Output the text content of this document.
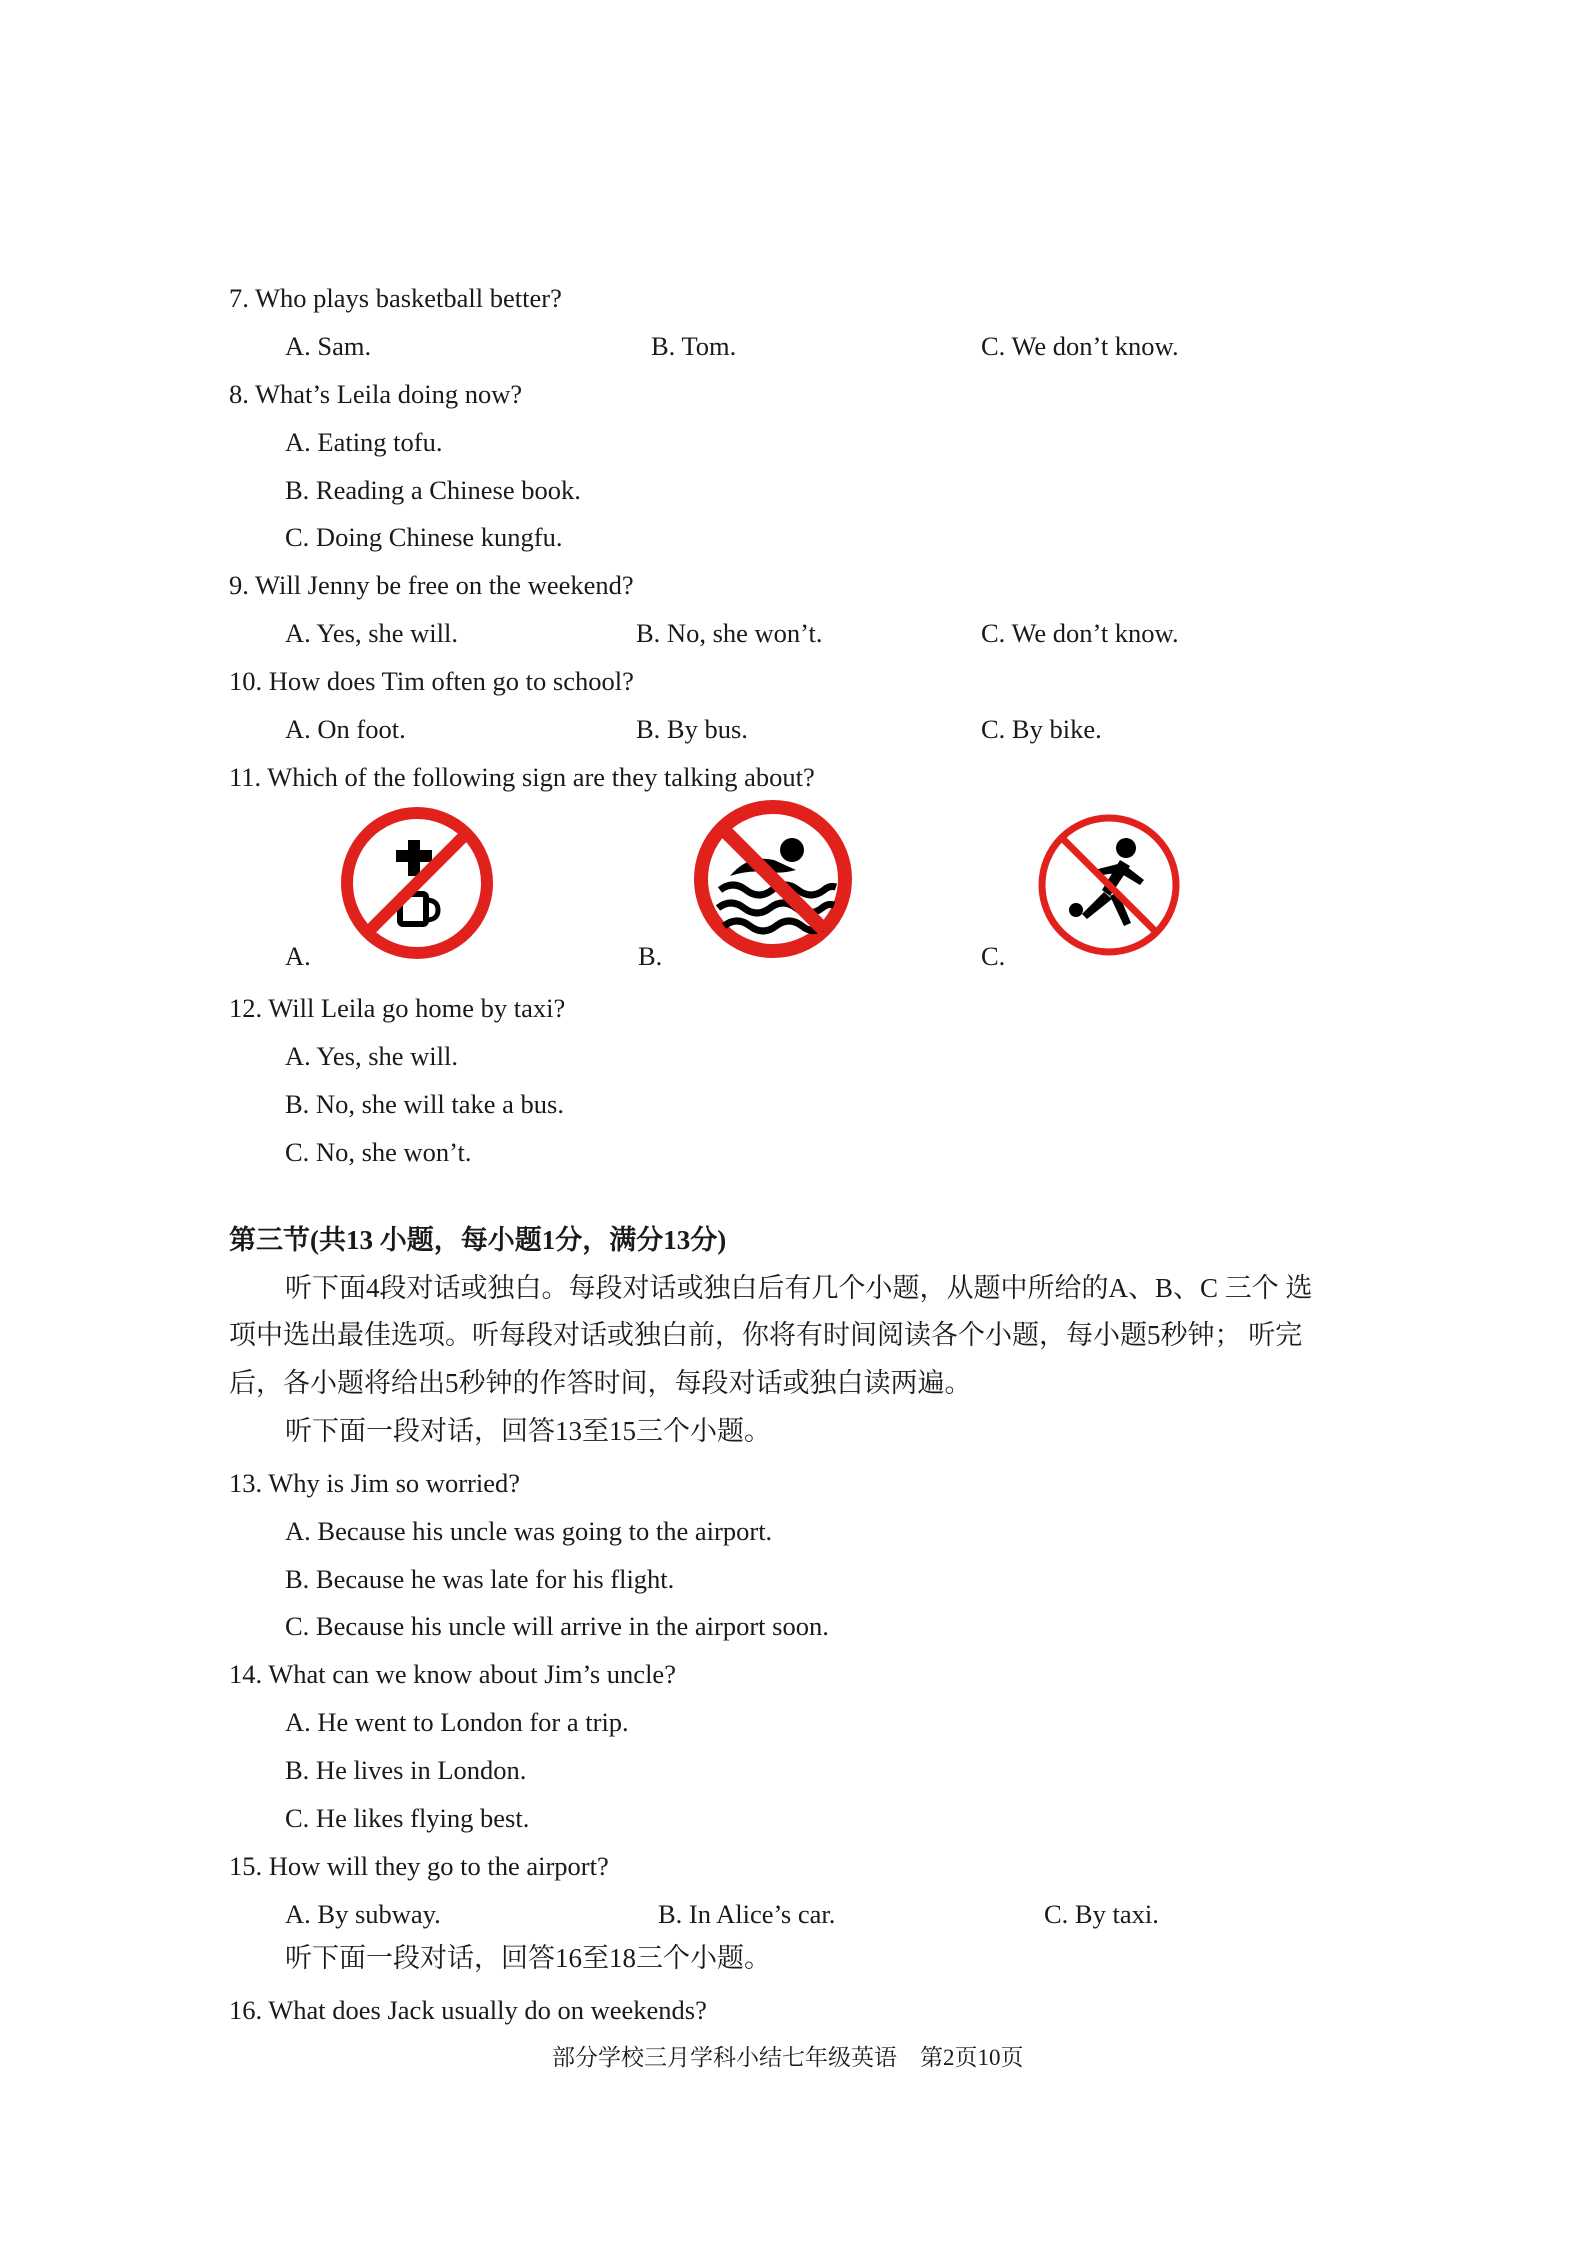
7. Who plays basketball better?
A. Sam.	B. Tom.	C. We don’t know.
8. What’s Leila doing now?
A. Eating tofu.
B. Reading a Chinese book.
C. Doing Chinese kungfu.
9. Will Jenny be free on the weekend?
A. Yes, she will.	B. No, she won’t.	C. We don’t know.
10. How does Tim often go to school?
A. On foot.	B. By bus.	C. By bike.
11. Which of the following sign are they talking about?
A.	B.	C.
12. Will Leila go home by taxi?
A. Yes, she will.
B. No, she will take a bus.
C. No, she won’t.
第三节(共13 小题，每小题1分，满分13分)
听下面4段对话或独白。每段对话或独白后有几个小题，从题中所给的A、B、C 三个 选
项中选出最佳选项。听每段对话或独白前，你将有时间阅读各个小题，每小题5秒钟； 听完
后，各小题将给出5秒钟的作答时间，每段对话或独白读两遍。
听下面一段对话，回答13至15三个小题。
13. Why is Jim so worried?
A. Because his uncle was going to the airport.
B. Because he was late for his flight.
C. Because his uncle will arrive in the airport soon.
14. What can we know about Jim’s uncle?
A. He went to London for a trip.
B. He lives in London.
C. He likes flying best.
15. How will they go to the airport?
A. By subway.	B. In Alice’s car.	C. By taxi.
听下面一段对话，回答16至18三个小题。
16. What does Jack usually do on weekends?
部分学校三月学科小结七年级英语　第2页10页
